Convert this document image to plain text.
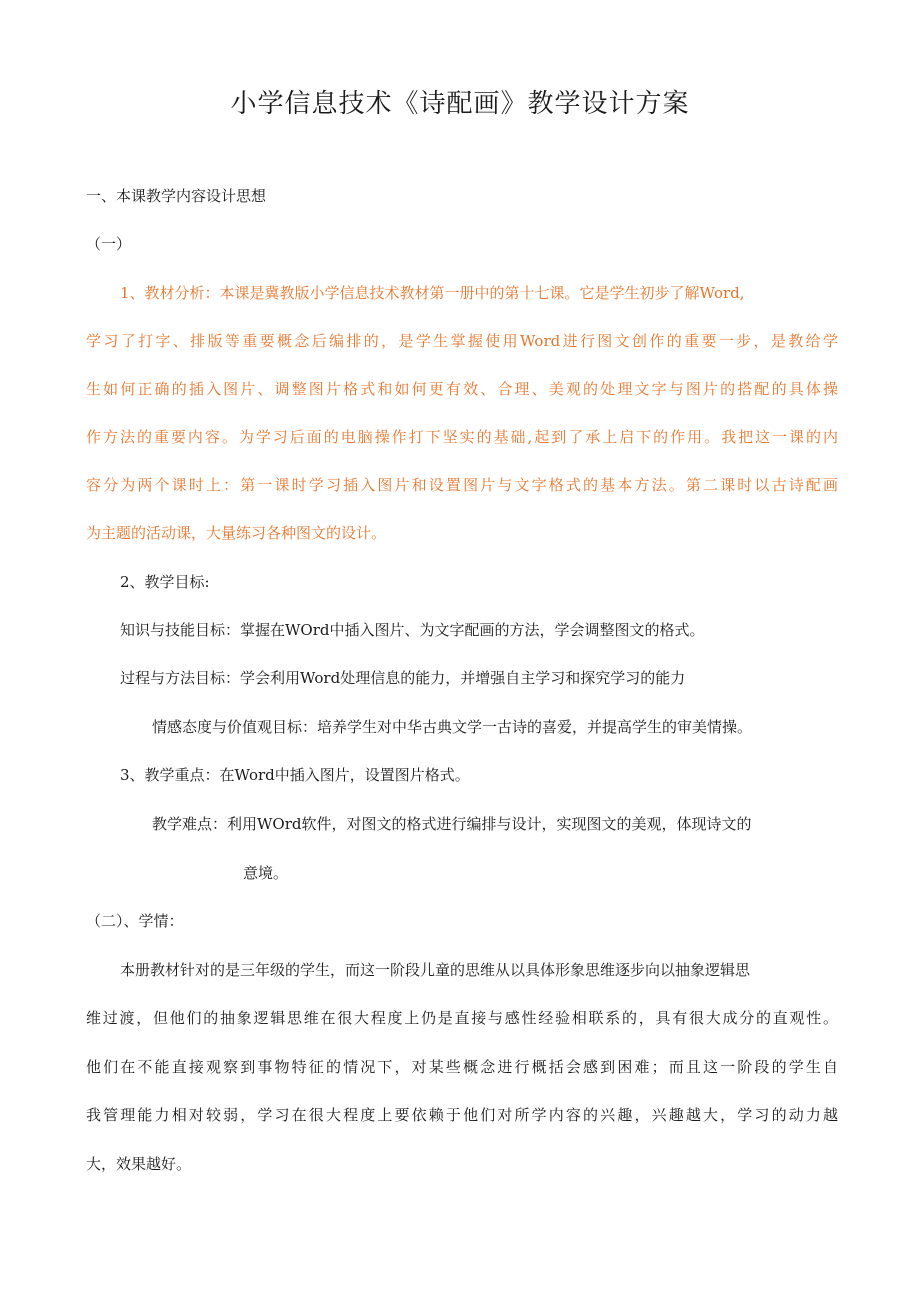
小学信息技术《诗配画》教学设计方案
一、本课教学内容设计思想
（一）
1、教材分析：本课是冀教版小学信息技术教材第一册中的第十七课。它是学生初步了解Word,
学习了打字、排版等重要概念后编排的，是学生掌握使用Word进行图文创作的重要一步，是教给学
生如何正确的插入图片、调整图片格式和如何更有效、合理、美观的处理文字与图片的搭配的具体操
作方法的重要内容。为学习后面的电脑操作打下坚实的基础,起到了承上启下的作用。我把这一课的内
容分为两个课时上：第一课时学习插入图片和设置图片与文字格式的基本方法。第二课时以古诗配画
为主题的活动课，大量练习各种图文的设计。
2、教学目标:
知识与技能目标：掌握在WOrd中插入图片、为文字配画的方法，学会调整图文的格式。
过程与方法目标：学会利用Word处理信息的能力，并增强自主学习和探究学习的能力
情感态度与价值观目标：培养学生对中华古典文学一古诗的喜爱，并提高学生的审美情操。
3、教学重点：在Word中插入图片，设置图片格式。
教学难点：利用WOrd软件，对图文的格式进行编排与设计，实现图文的美观，体现诗文的
意境。
（二）、学情：
本册教材针对的是三年级的学生，而这一阶段儿童的思维从以具体形象思维逐步向以抽象逻辑思
维过渡，但他们的抽象逻辑思维在很大程度上仍是直接与感性经验相联系的，具有很大成分的直观性。
他们在不能直接观察到事物特征的情况下，对某些概念进行概括会感到困难；而且这一阶段的学生自
我管理能力相对较弱，学习在很大程度上要依赖于他们对所学内容的兴趣，兴趣越大，学习的动力越
大，效果越好。
